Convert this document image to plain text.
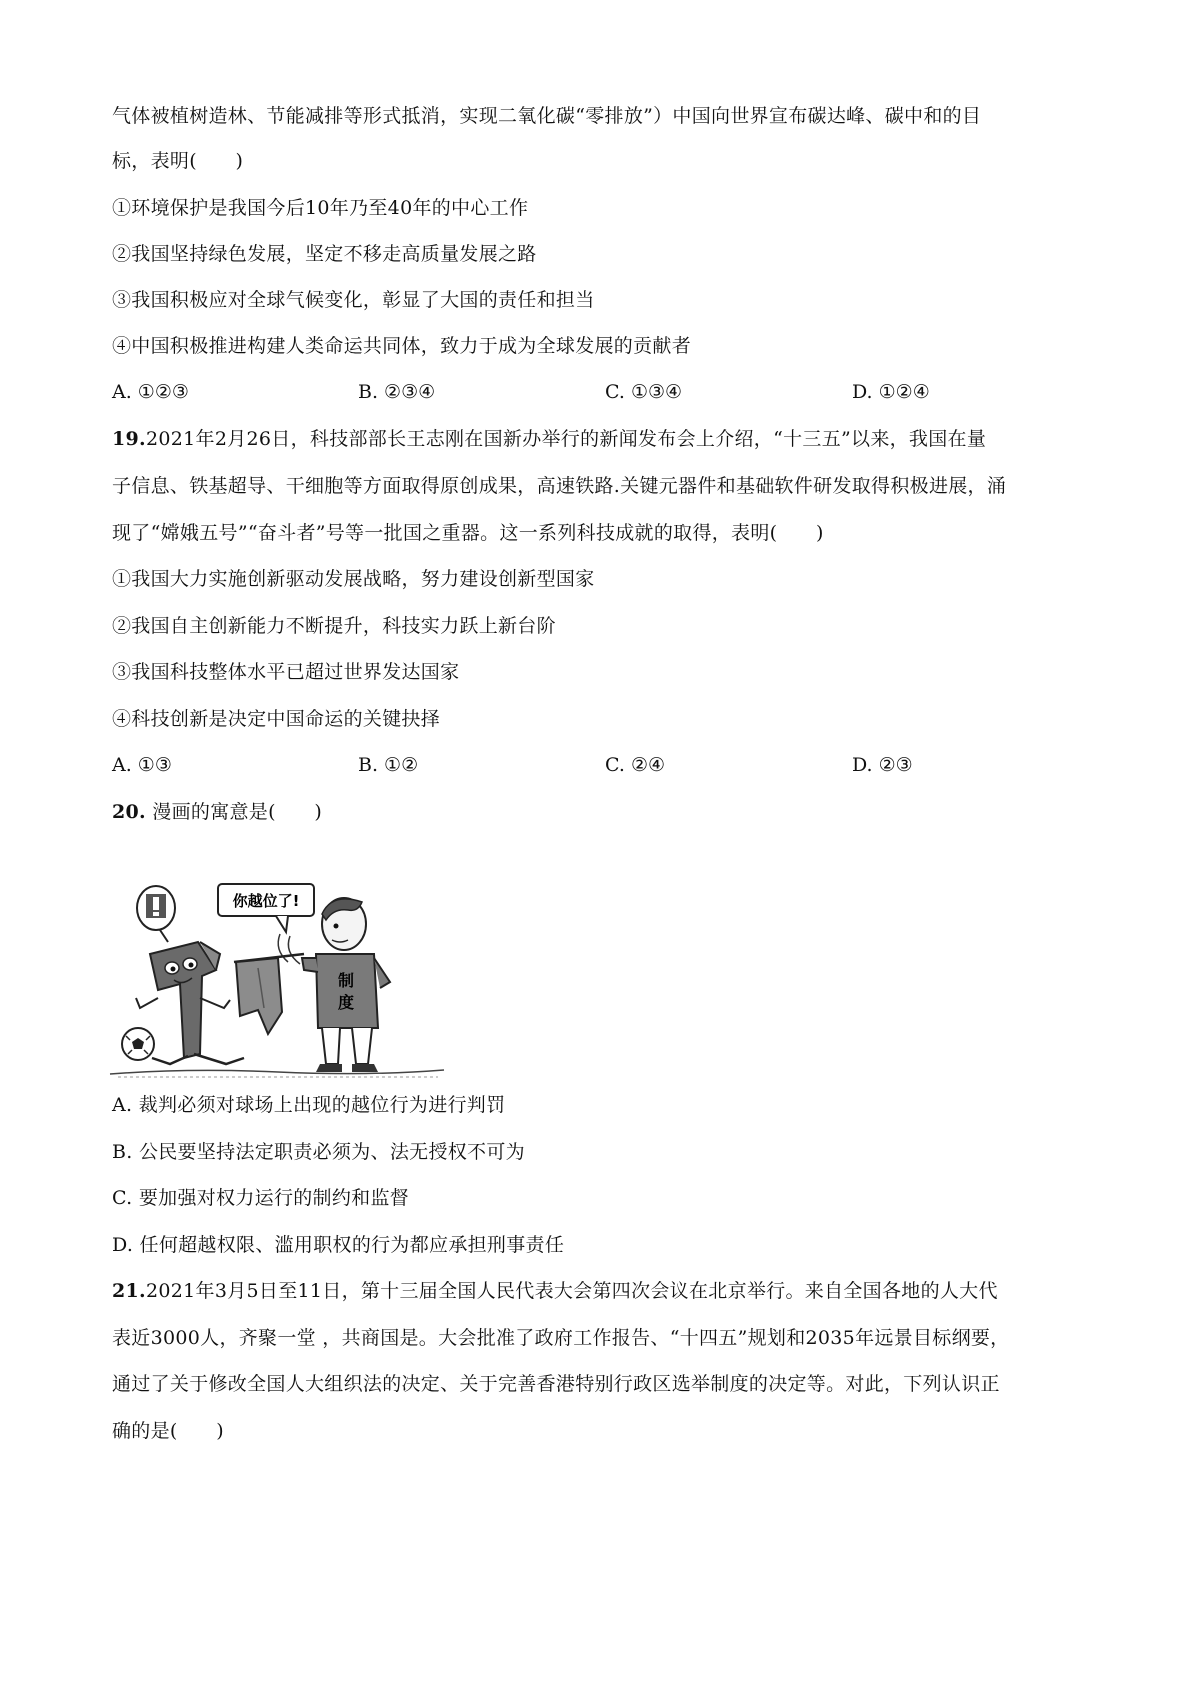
气体被植树造林、节能减排等形式抵消，实现二氧化碳“零排放”）中国向世界宣布碳达峰、碳中和的目
标，表明(　　)
①环境保护是我国今后10年乃至40年的中心工作
②我国坚持绿色发展，坚定不移走高质量发展之路
③我国积极应对全球气候变化，彰显了大国的责任和担当
④中国积极推进构建人类命运共同体，致力于成为全球发展的贡献者
A. ①②③	B. ②③④	C. ①③④	D. ①②④
19.2021年2月26日，科技部部长王志刚在国新办举行的新闻发布会上介绍，“十三五”以来，我国在量
子信息、铁基超导、干细胞等方面取得原创成果，高速铁路.关键元器件和基础软件研发取得积极进展，涌
现了“嫦娥五号”“奋斗者”号等一批国之重器。这一系列科技成就的取得，表明(　　)
①我国大力实施创新驱动发展战略，努力建设创新型国家
②我国自主创新能力不断提升，科技实力跃上新台阶
③我国科技整体水平已超过世界发达国家
④科技创新是决定中国命运的关键抉择
A. ①③	B. ①②	C. ②④	D. ②③
20. 漫画的寓意是(　　)
你越位了!
制
度
A. 裁判必须对球场上出现的越位行为进行判罚
B. 公民要坚持法定职责必须为、法无授权不可为
C. 要加强对权力运行的制约和监督
D. 任何超越权限、滥用职权的行为都应承担刑事责任
21.2021年3月5日至11日，第十三届全国人民代表大会第四次会议在北京举行。来自全国各地的人大代
表近3000人，齐聚一堂 ，共商国是。大会批准了政府工作报告、“十四五”规划和2035年远景目标纲要，
通过了关于修改全国人大组织法的决定、关于完善香港特别行政区选举制度的决定等。对此，下列认识正
确的是(　　)
